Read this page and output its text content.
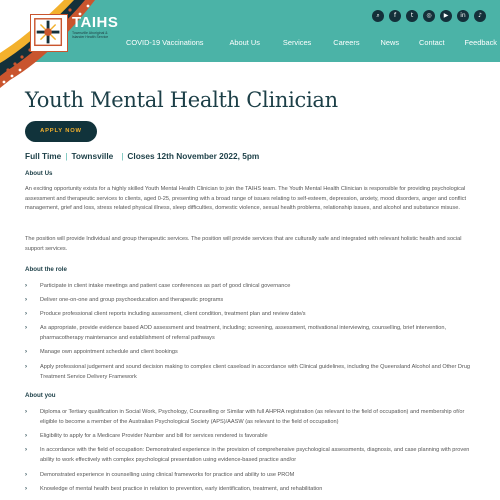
TAIHS
Townsville Aboriginal & Islander Health Service
⌕	f	t	◎	▶	in	♪
COVID-19 Vaccinations	About Us	Services	Careers	News	Contact	Feedback
Youth Mental Health Clinician
APPLY NOW
Full Time | Townsville | Closes 12th November 2022, 5pm
About Us

An exciting opportunity exists for a highly skilled Youth Mental Health Clinician to join the TAIHS team. The Youth Mental Health Clinician is responsible for providing psychological assessment and therapeutic services to clients, aged 0-25, presenting with a broad range of issues relating to self-esteem, depression, anxiety, mood disorders, anger and conflict management, grief and loss, stress related physical illness, sleep difficulties, domestic violence, sexual health problems, relationship issues, and alcohol and substance misuse.

The position will provide Individual and group therapeutic services. The position will provide services that are culturally safe and integrated with relevant holistic health and social support services.

About the role
› Participate in client intake meetings and patient case conferences as part of good clinical governance
› Deliver one-on-one and group psychoeducation and therapeutic programs
› Produce professional client reports including assessment, client condition, treatment plan and review date/s
› As appropriate, provide evidence based AOD assessment and treatment, including; screening, assessment, motivational interviewing, counselling, brief intervention, pharmacotherapy maintenance and establishment of referral pathways
› Manage own appointment schedule and client bookings
› Apply professional judgement and sound decision making to complex client caseload in accordance with Clinical guidelines, including the Queensland Alcohol and Other Drug Treatment Service Delivery Framework
About you
› Diploma or Tertiary qualification in Social Work, Psychology, Counselling or Similar with full AHPRA registration (as relevant to the field of occupation) and membership of/or eligible to become a member of the Australian Psychological Society (APS)/AASW (as relevant to the field of occupation)
› Eligibility to apply for a Medicare Provider Number and bill for services rendered is favorable
› In accordance with the field of occupation: Demonstrated experience in the provision of comprehensive psychological assessments, diagnosis, and case planning with proven ability to work effectively with complex psychological presentation using evidence-based practice and/or
› Demonstrated experience in counselling using clinical frameworks for practice and ability to use PROM
› Knowledge of mental health best practice in relation to prevention, early identification, treatment, and rehabilitation
